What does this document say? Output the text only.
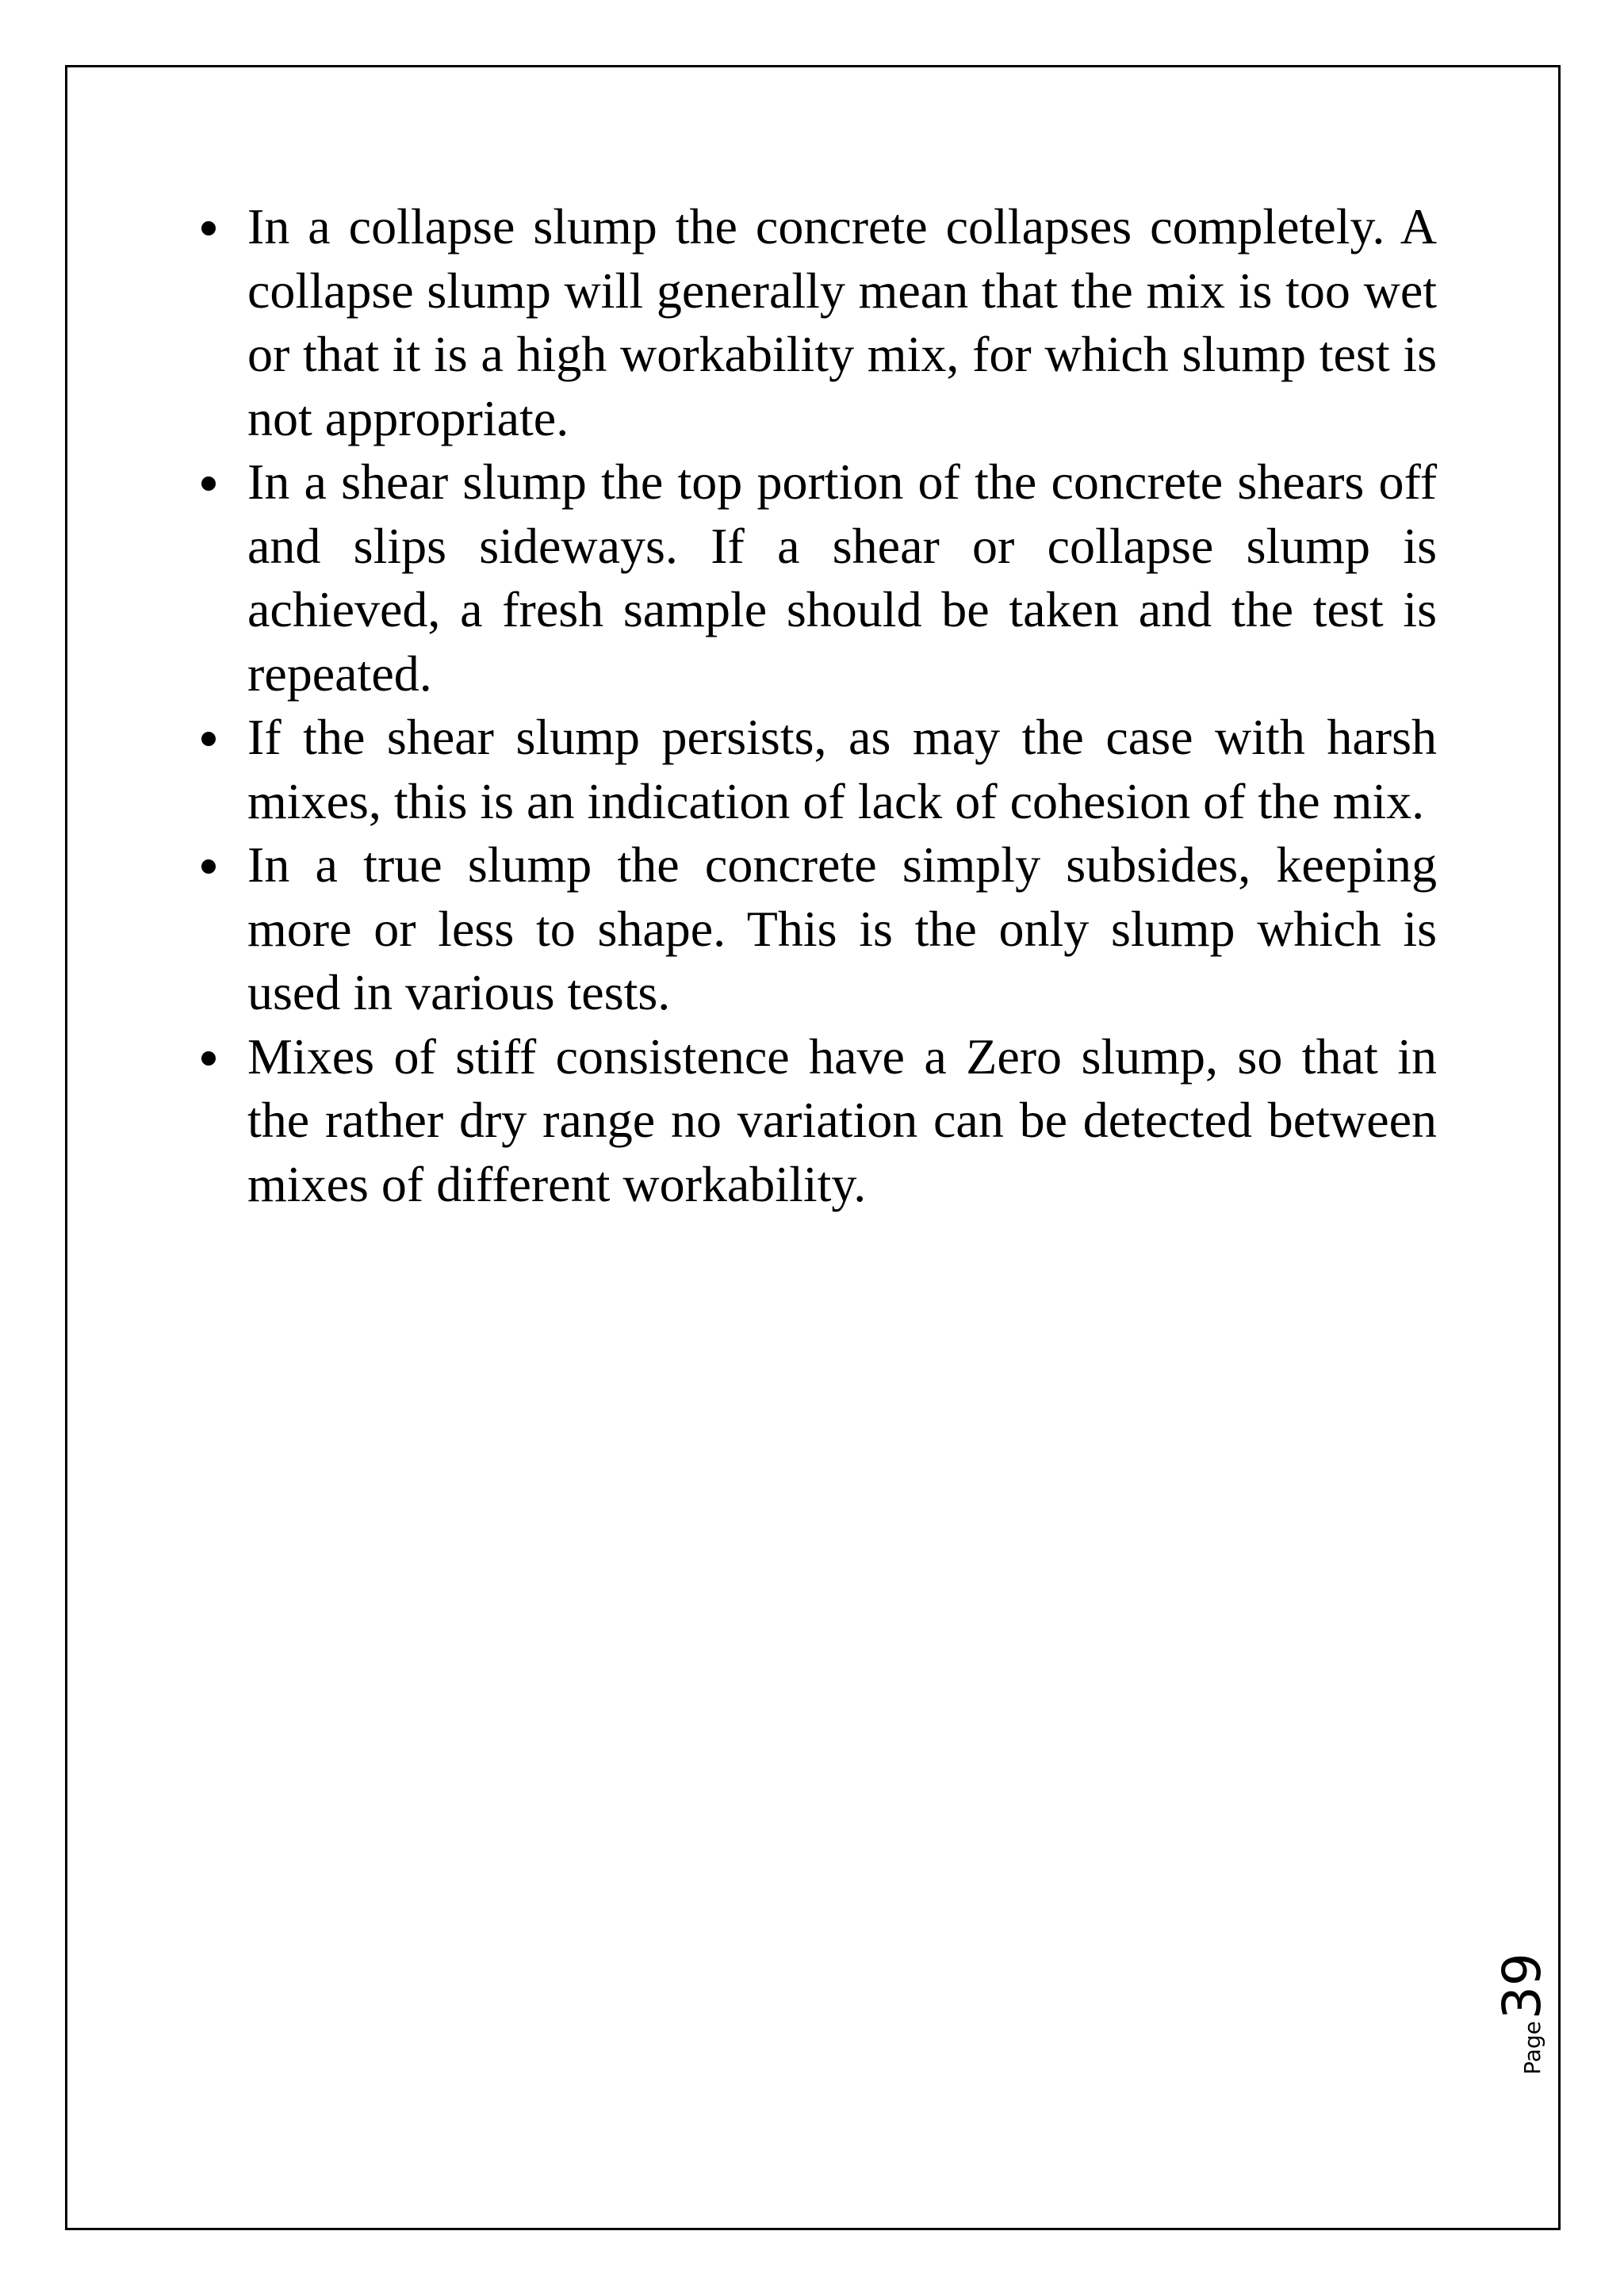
In a collapse slump the concrete collapses completely. A collapse slump will generally mean that the mix is too wet or that it is a high workability mix, for which slump test is not appropriate.
In a shear slump the top portion of the concrete shears off and slips sideways. If a shear or collapse slump is achieved, a fresh sample should be taken and the test is repeated.
If the shear slump persists, as may the case with harsh mixes, this is an indication of lack of cohesion of the mix.
In a true slump the concrete simply subsides, keeping more or less to shape. This is the only slump which is used in various tests.
Mixes of stiff consistence have a Zero slump, so that in the rather dry range no variation can be detected between mixes of different workability.
Page
39
